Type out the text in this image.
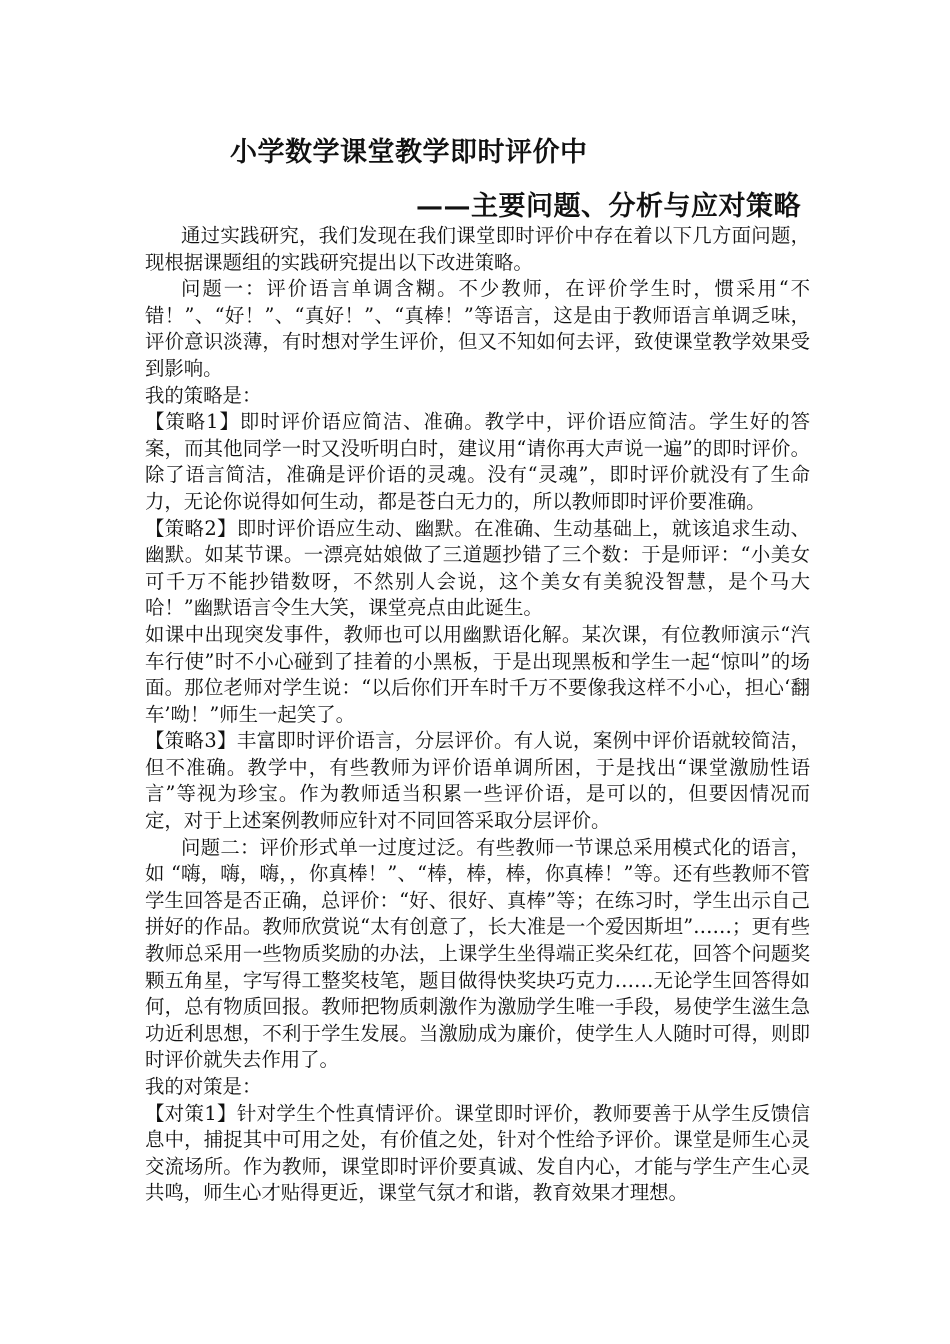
小学数学课堂教学即时评价中
——主要问题、分析与应对策略

通过实践研究，我们发现在我们课堂即时评价中存在着以下几方面问题，现根据课题组的实践研究提出以下改进策略。

问题一：评价语言单调含糊。不少教师，在评价学生时，惯采用“不错！”、“好！”、“真好！”、“真棒！”等语言，这是由于教师语言单调乏味，评价意识淡薄，有时想对学生评价，但又不知如何去评，致使课堂教学效果受到影响。

我的策略是：

【策略1】即时评价语应简洁、准确。教学中，评价语应简洁。学生好的答案，而其他同学一时又没听明白时，建议用“请你再大声说一遍”的即时评价。除了语言简洁，准确是评价语的灵魂。没有“灵魂”，即时评价就没有了生命力，无论你说得如何生动，都是苍白无力的，所以教师即时评价要准确。

【策略2】即时评价语应生动、幽默。在准确、生动基础上，就该追求生动、幽默。如某节课。一漂亮姑娘做了三道题抄错了三个数：于是师评：“小美女可千万不能抄错数呀，不然别人会说，这个美女有美貌没智慧，是个马大哈！”幽默语言令生大笑，课堂亮点由此诞生。

如课中出现突发事件，教师也可以用幽默语化解。某次课，有位教师演示“汽车行使”时不小心碰到了挂着的小黑板，于是出现黑板和学生一起“惊叫”的场面。那位老师对学生说：“以后你们开车时千万不要像我这样不小心，担心‘翻车’呦！”师生一起笑了。

【策略3】丰富即时评价语言，分层评价。有人说，案例中评价语就较简洁，但不准确。教学中，有些教师为评价语单调所困，于是找出“课堂激励性语言”等视为珍宝。作为教师适当积累一些评价语，是可以的，但要因情况而定，对于上述案例教师应针对不同回答采取分层评价。

问题二：评价形式单一过度过泛。有些教师一节课总采用模式化的语言，如 “嗨，嗨，嗨，，你真棒！”、“棒，棒，棒，你真棒！”等。还有些教师不管学生回答是否正确，总评价：“好、很好、真棒”等；在练习时，学生出示自己拼好的作品。教师欣赏说“太有创意了，长大准是一个爱因斯坦”……；更有些教师总采用一些物质奖励的办法，上课学生坐得端正奖朵红花，回答个问题奖颗五角星，字写得工整奖枝笔，题目做得快奖块巧克力……无论学生回答得如何，总有物质回报。教师把物质刺激作为激励学生唯一手段，易使学生滋生急功近利思想，不利于学生发展。当激励成为廉价，使学生人人随时可得，则即时评价就失去作用了。

我的对策是：

【对策1】针对学生个性真情评价。课堂即时评价，教师要善于从学生反馈信息中，捕捉其中可用之处，有价值之处，针对个性给予评价。课堂是师生心灵交流场所。作为教师，课堂即时评价要真诚、发自内心，才能与学生产生心灵共鸣，师生心才贴得更近，课堂气氛才和谐，教育效果才理想。
